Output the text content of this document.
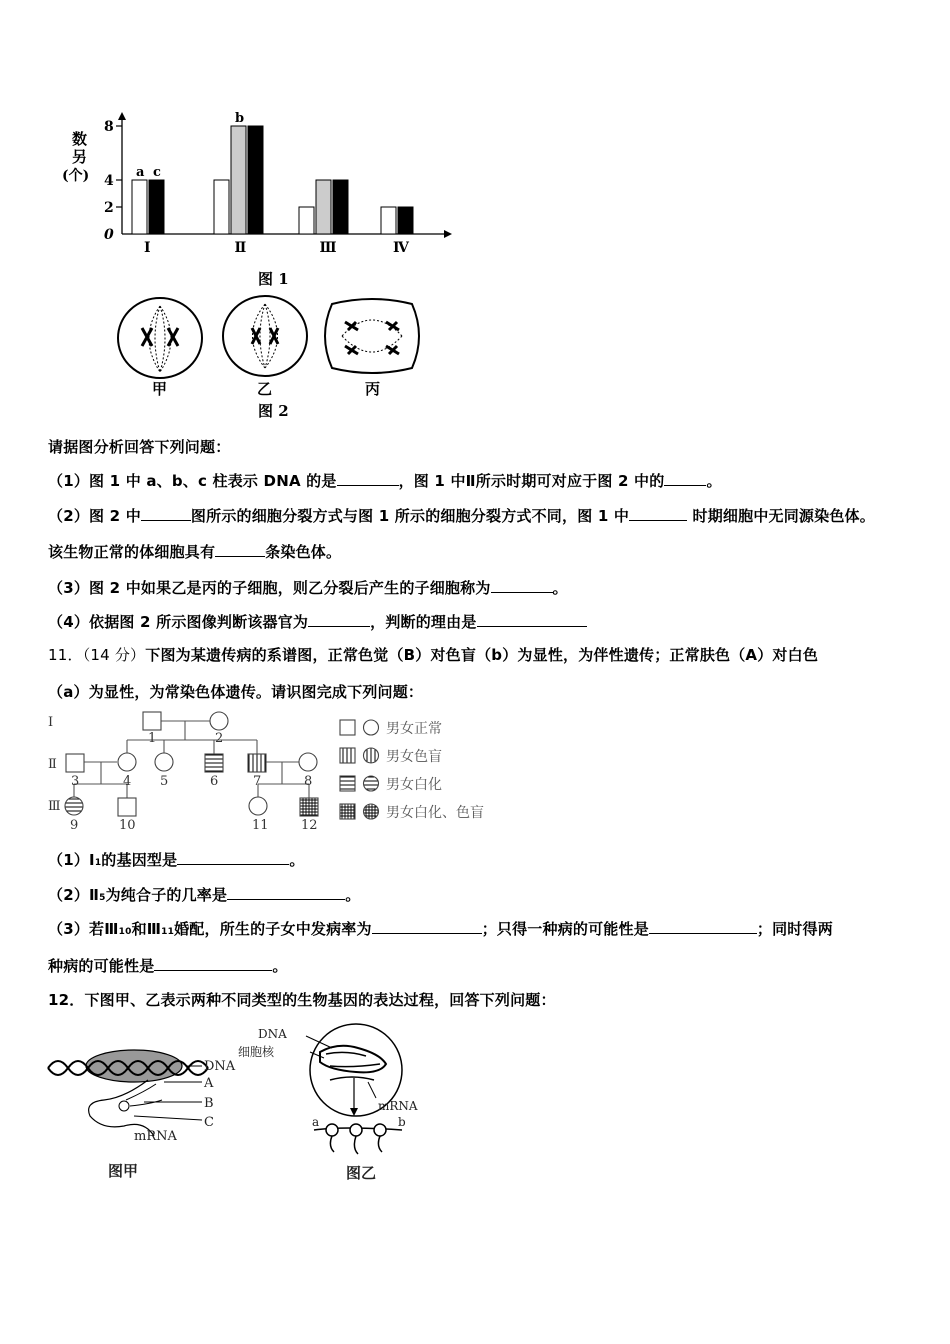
数
另
(个)
8
4
2
0
Ⅰ	Ⅱ	Ⅲ	Ⅳ
a c
b
图 1
甲	乙	丙
图 2
请据图分析回答下列问题：
（1）图 1 中 a、b、c 柱表示 DNA 的是	，图 1 中Ⅱ所示时期可对应于图 2 中的	。
（2）图 2 中	图所示的细胞分裂方式与图 1 所示的细胞分裂方式不同，图 1 中	时期细胞中无同源染色体。
该生物正常的体细胞具有	条染色体。
（3）图 2 中如果乙是丙的子细胞，则乙分裂后产生的子细胞称为	。
（4）依据图 2 所示图像判断该器官为	，判断的理由是
11．（14 分）下图为某遗传病的系谱图，正常色觉（B）对色盲（b）为显性，为伴性遗传；正常肤色（A）对白色
（a）为显性，为常染色体遗传。请识图完成下列问题：
Ⅰ
Ⅱ
Ⅲ
1	2
3	4 5	6	7	8
9	10	11 12
男女正常
男女色盲
男女白化
男女白化、色盲
（1）Ⅰ1的基因型是	。
（2）Ⅱ5为纯合子的几率是	。
（3）若Ⅲ10和Ⅲ11婚配，所生的子女中发病率为	；只得一种病的可能性是	；同时得两
种病的可能性是	。
12．下图甲、乙表示两种不同类型的生物基因的表达过程，回答下列问题：
DNA
A
B
C
mRNA
图甲
DNA
细胞核
mRNA
a	b
图乙
